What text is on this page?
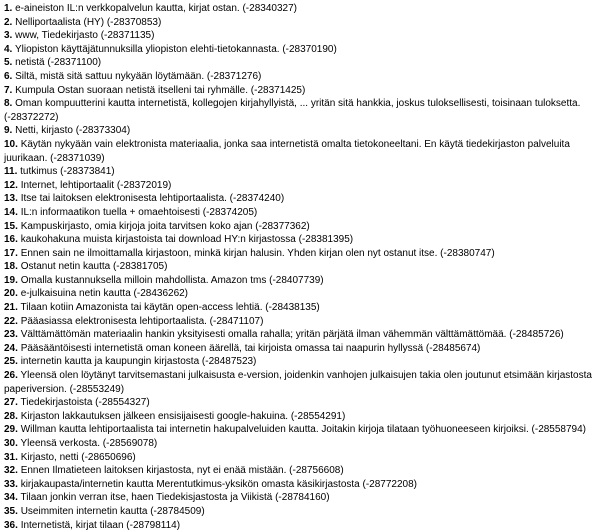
1. e-aineiston IL:n verkkopalvelun kautta, kirjat ostan. (-28340327)
2. Nelliportaalista (HY) (-28370853)
3. www, Tiedekirjasto (-28371135)
4. Yliopiston käyttäjätunnuksilla yliopiston elehti-tietokannasta. (-28370190)
5. netistä (-28371100)
6. Siltä, mistä sitä sattuu nykyään löytämään. (-28371276)
7. Kumpula Ostan suoraan netistä itselleni tai ryhmälle. (-28371425)
8. Oman kompuutterini kautta internetistä, kollegojen kirjahyllyistä, ... yritän sitä hankkia, joskus tuloksellisesti, toisinaan tuloksetta. (-28372272)
9. Netti, kirjasto (-28373304)
10. Käytän nykyään vain elektronista materiaalia, jonka saa internetistä omalta tietokoneeltani. En käytä tiedekirjaston palveluita juurikaan. (-28371039)
11. tutkimus (-28373841)
12. Internet, lehtiportaalit (-28372019)
13. Itse tai laitoksen elektronisesta lehtiportaalista. (-28374240)
14. IL:n informaatikon tuella + omaehtoisesti (-28374205)
15. Kampuskirjasto, omia kirjoja joita tarvitsen koko ajan (-28377362)
16. kaukohakuna muista kirjastoista tai download HY:n kirjastossa (-28381395)
17. Ennen sain ne ilmoittamalla kirjastoon, minkä kirjan halusin. Yhden kirjan olen nyt ostanut itse. (-28380747)
18. Ostanut netin kautta (-28381705)
19. Omalla kustannuksella milloin mahdollista. Amazon tms (-28407739)
20. e-julkaisuina netin kautta (-28436262)
21. Tilaan kotiin Amazonista tai käytän open-access lehtiä. (-28438135)
22. Pääasiassa elektronisesta lehtiportaalista. (-28471107)
23. Välttämättömän materiaalin hankin yksityisesti omalla rahalla; yritän pärjätä ilman vähemmän välttämättömää. (-28485726)
24. Pääsääntöisesti internetistä oman koneen äärellä, tai kirjoista omassa tai naapurin hyllyssä (-28485674)
25. internetin kautta ja kaupungin kirjastosta (-28487523)
26. Yleensä olen löytänyt tarvitsemastani julkaisusta e-version, joidenkin vanhojen julkaisujen takia olen joutunut etsimään kirjastosta paperiversion. (-28553249)
27. Tiedekirjastoista (-28554327)
28. Kirjaston lakkautuksen jälkeen ensisijaisesti google-hakuina. (-28554291)
29. Willman kautta lehtiportaalista tai internetin hakupalveluiden kautta. Joitakin kirjoja tilataan työhuoneeseen kirjoiksi. (-28558794)
30. Yleensä verkosta. (-28569078)
31. Kirjasto, netti (-28650696)
32. Ennen Ilmatieteen laitoksen kirjastosta, nyt ei enää mistään. (-28756608)
33. kirjakaupasta/internetin kautta Merentutkimus-yksikön omasta käsikirjastosta (-28772208)
34. Tilaan jonkin verran itse, haen Tiedekisjastosta ja Viikistä (-28784160)
35. Useimmiten internetin kautta (-28784509)
36. Internetistä, kirjat tilaan (-28798114)
